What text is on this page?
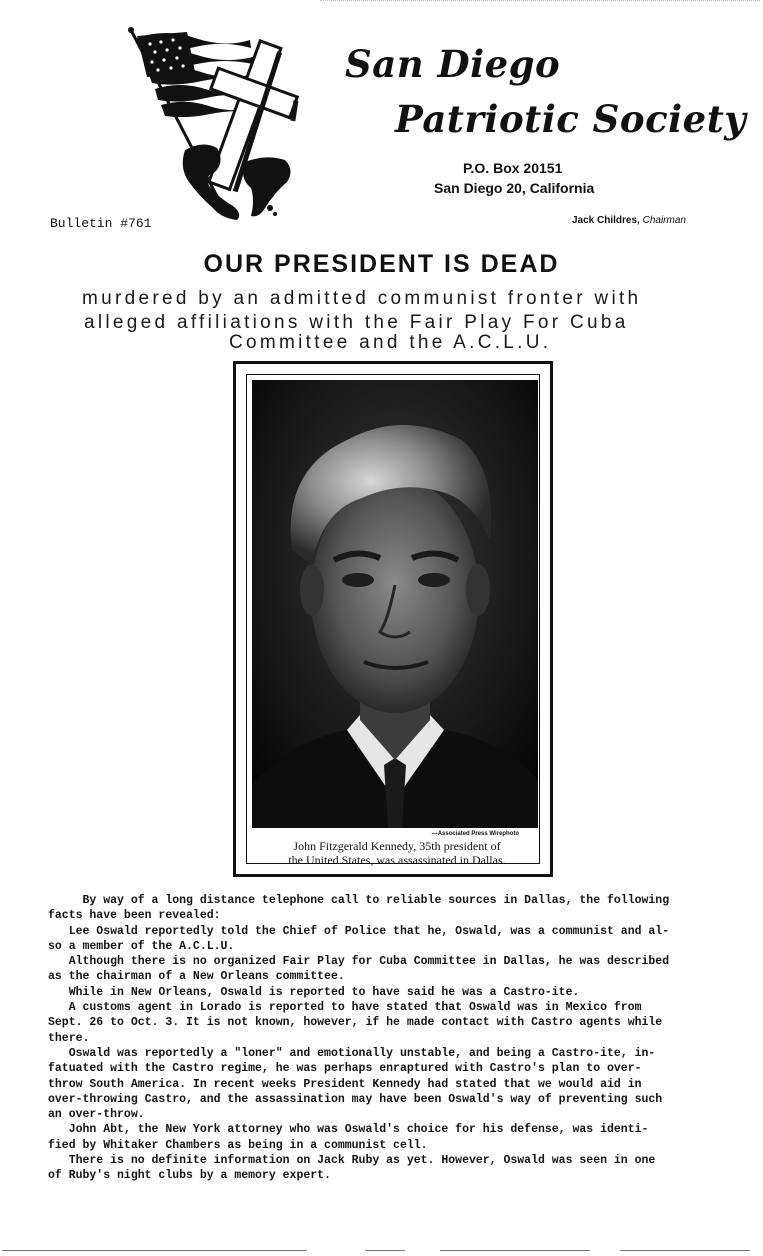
San Diego
Patriotic Society
P.O. Box 20151
San Diego 20, California
Bulletin #761	Jack Childres, Chairman
OUR PRESIDENT IS DEAD
murdered by an admitted communist fronter with
alleged affiliations with the Fair Play For Cuba
Committee and the A.C.L.U.
—Associated Press Wirephoto
John Fitzgerald Kennedy, 35th president of
the United States, was assassinated in Dallas.
By way of a long distance telephone call to reliable sources in Dallas, the following
facts have been revealed:
Lee Oswald reportedly told the Chief of Police that he, Oswald, was a communist and al-
so a member of the A.C.L.U.
Although there is no organized Fair Play for Cuba Committee in Dallas, he was described
as the chairman of a New Orleans committee.
While in New Orleans, Oswald is reported to have said he was a Castro-ite.
A customs agent in Lorado is reported to have stated that Oswald was in Mexico from
Sept. 26 to Oct. 3. It is not known, however, if he made contact with Castro agents while
there.
Oswald was reportedly a "loner" and emotionally unstable, and being a Castro-ite, in-
fatuated with the Castro regime, he was perhaps enraptured with Castro's plan to over-
throw South America. In recent weeks President Kennedy had stated that we would aid in
over-throwing Castro, and the assassination may have been Oswald's way of preventing such
an over-throw.
John Abt, the New York attorney who was Oswald's choice for his defense, was identi-
fied by Whitaker Chambers as being in a communist cell.
There is no definite information on Jack Ruby as yet. However, Oswald was seen in one
of Ruby's night clubs by a memory expert.
